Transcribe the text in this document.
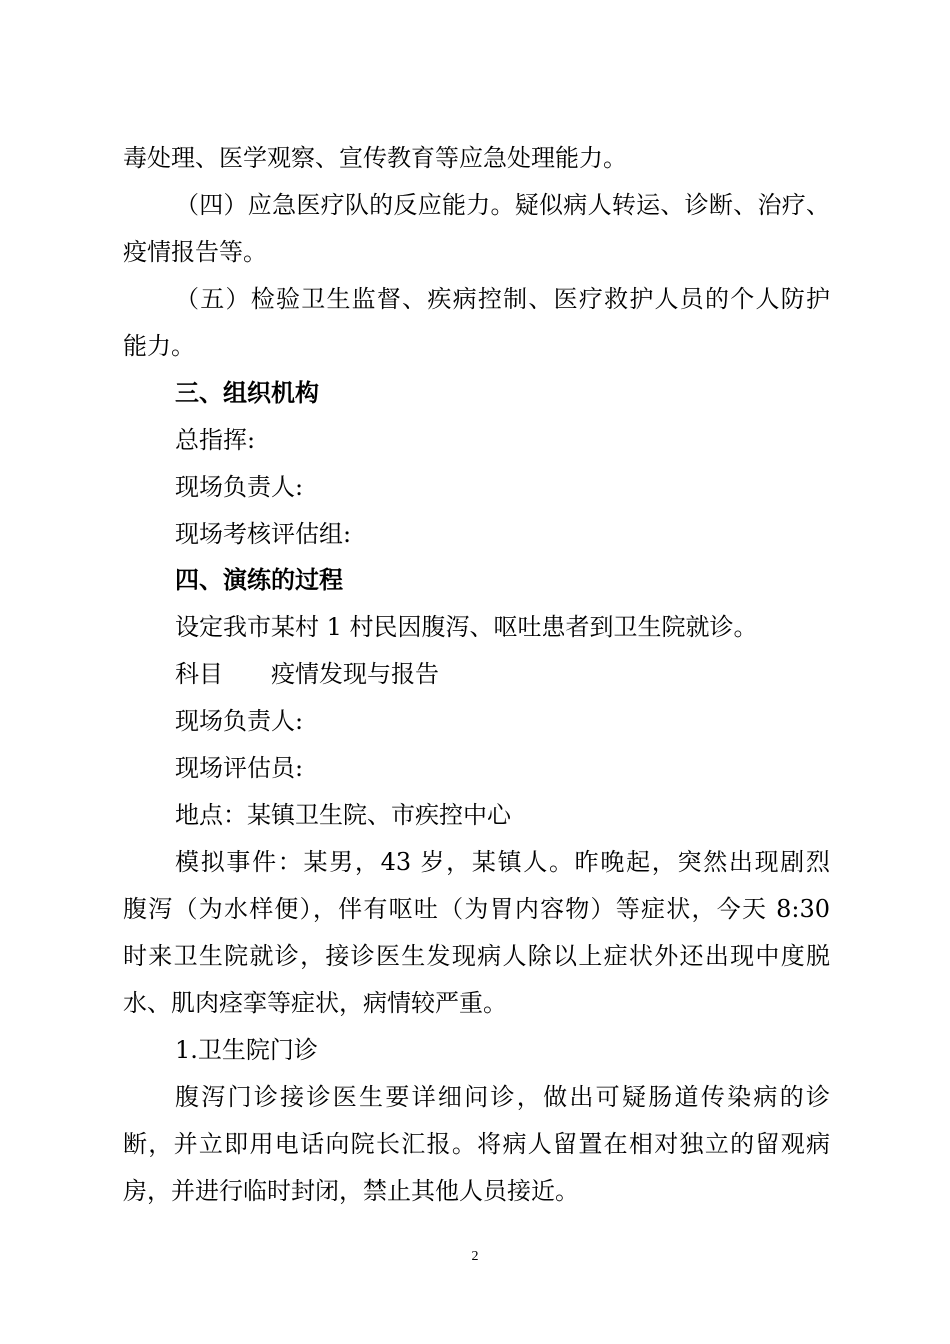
毒处理、医学观察、宣传教育等应急处理能力。
（四）应急医疗队的反应能力。疑似病人转运、诊断、治疗、
疫情报告等。
（五）检验卫生监督、疾病控制、医疗救护人员的个人防护
能力。
三、组织机构
总指挥:
现场负责人:
现场考核评估组:
四、演练的过程
设定我市某村 1 村民因腹泻、呕吐患者到卫生院就诊。
科目 疫情发现与报告
现场负责人:
现场评估员:
地点：某镇卫生院、市疾控中心
模拟事件：某男，43 岁，某镇人。昨晚起，突然出现剧烈
腹泻（为水样便），伴有呕吐（为胃内容物）等症状，今天 8:30
时来卫生院就诊，接诊医生发现病人除以上症状外还出现中度脱
水、肌肉痉挛等症状，病情较严重。
1.卫生院门诊
腹泻门诊接诊医生要详细问诊，做出可疑肠道传染病的诊
断，并立即用电话向院长汇报。将病人留置在相对独立的留观病
房，并进行临时封闭，禁止其他人员接近。
2
